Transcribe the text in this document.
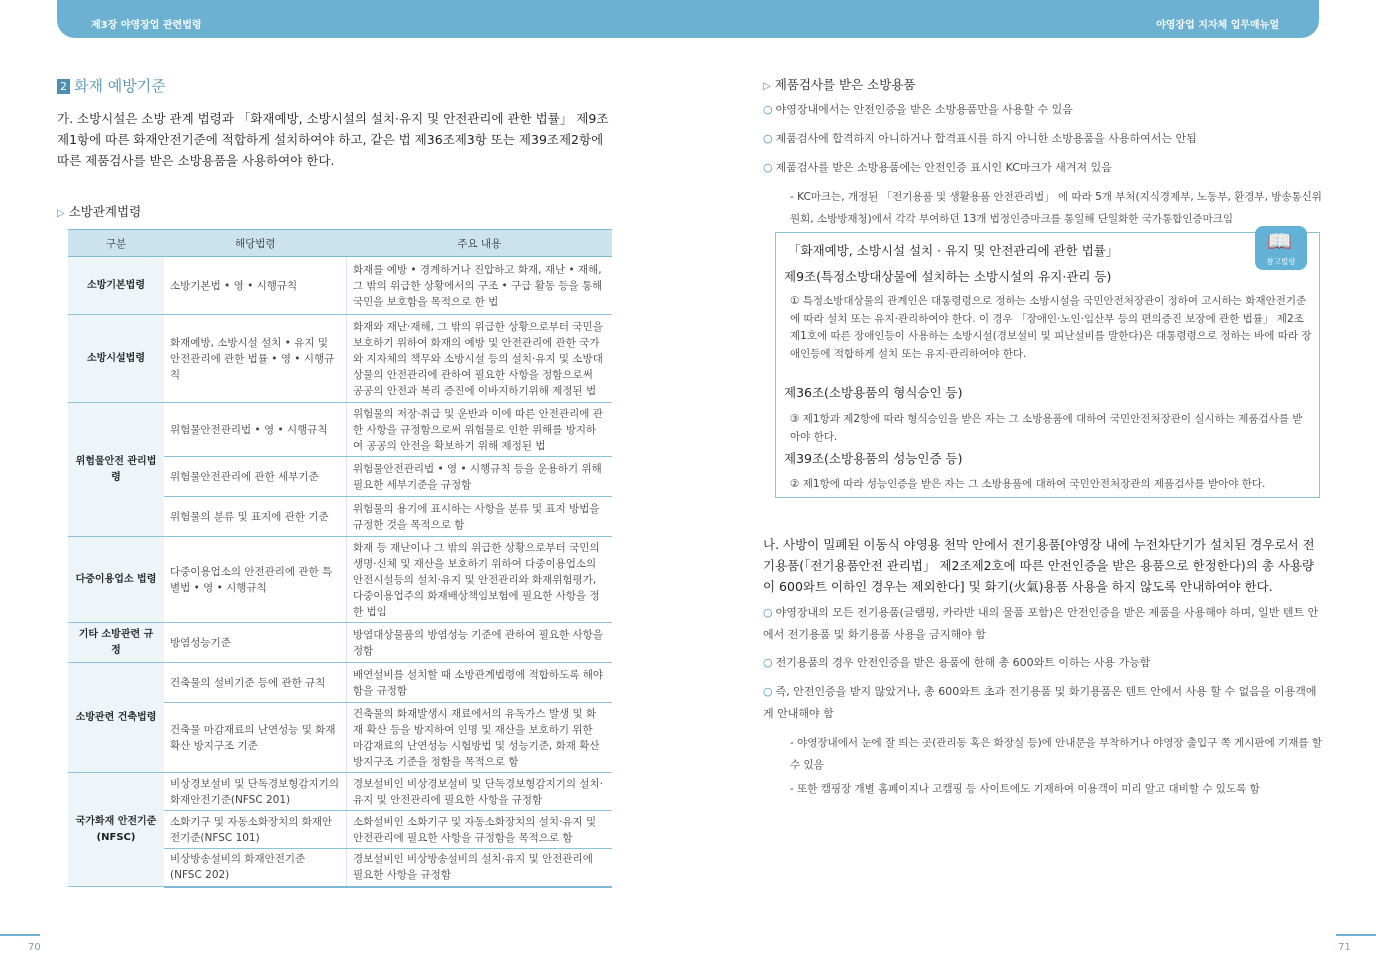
제3장 야영장업 관련법령	야영장업 지자체 업무매뉴얼
2 화재 예방기준
가. 소방시설은 소방 관계 법령과 「화재예방, 소방시설의 설치·유지 및 안전관리에 관한 법률」 제9조제1항에 따른 화재안전기준에 적합하게 설치하여야 하고, 같은 법 제36조제3항 또는 제39조제2항에 따른 제품검사를 받은 소방용품을 사용하여야 한다.
▷ 소방관계법령
구분	해당법령	주요 내용
소방기본법령	소방기본법 • 영 • 시행규칙	화재를 예방 • 경계하거나 진압하고 화재, 재난 • 재해, 그 밖의 위급한 상황에서의 구조 • 구급 활동 등을 통해 국민을 보호함을 목적으로 한 법
소방시설법령	화재예방, 소방시설 설치 • 유지 및 안전관리에 관한 법률 • 영 • 시행규칙	화재와 재난·재해, 그 밖의 위급한 상황으로부터 국민을 보호하기 위하여 화재의 예방 및 안전관리에 관한 국가와 지자체의 책무와 소방시설 등의 설치·유지 및 소방대상물의 안전관리에 관하여 필요한 사항을 정함으로써 공공의 안전과 복리 증진에 이바지하기위해 제정된 법
위험물안전 관리법령	위험물안전관리법 • 영 • 시행규칙	위험물의 저장·취급 및 운반과 이에 따른 안전관리에 관한 사항을 규정함으로써 위험물로 인한 위해를 방지하여 공공의 안전을 확보하기 위해 제정된 법
	위험물안전관리에 관한 세부기준	위험물안전관리법 • 영 • 시행규칙 등을 운용하기 위해 필요한 세부기준을 규정함
	위험물의 분류 및 표지에 관한 기준	위험물의 용기에 표시하는 사항을 분류 및 표지 방법을 규정한 것을 목적으로 함
다중이용업소 법령	다중이용업소의 안전관리에 관한 특별법 • 영 • 시행규칙	화재 등 재난이나 그 밖의 위급한 상황으로부터 국민의 생명·신체 및 재산을 보호하기 위하여 다중이용업소의 안전시설등의 설치·유지 및 안전관리와 화재위험평가, 다중이용업주의 화재배상책임보험에 필요한 사항을 정한 법임
기타 소방관련 규정	방염성능기준	방염대상물품의 방염성능 기준에 관하여 필요한 사항을 정함
소방관련 건축법령	건축물의 설비기준 등에 관한 규칙	배연설비를 설치할 때 소방관계법령에 적합하도록 해야 함을 규정함
	건축물 마감재료의 난연성능 및 화재 확산 방지구조 기준	건축물의 화재발생시 재료에서의 유독가스 발생 및 화재 확산 등을 방지하여 인명 및 재산을 보호하기 위한 마감재료의 난연성능 시험방법 및 성능기준, 화재 확산 방지구조 기준을 정함을 목적으로 함
국가화재 안전기준 (NFSC)	비상경보설비 및 단독경보형감지기의 화재안전기준(NFSC 201)	경보설비인 비상경보설비 및 단독경보형감지기의 설치·유지 및 안전관리에 필요한 사항을 규정함
	소화기구 및 자동소화장치의 화재안전기준(NFSC 101)	소화설비인 소화기구 및 자동소화장치의 설치·유지 및 안전관리에 필요한 사항을 규정함을 목적으로 함
	비상방송설비의 화재안전기준 (NFSC 202)	경보설비인 비상방송설비의 설치·유지 및 안전관리에 필요한 사항을 규정함
▷ 제품검사를 받은 소방용품
○ 야영장내에서는 안전인증을 받은 소방용품만을 사용할 수 있음
○ 제품검사에 합격하지 아니하거나 합격표시를 하지 아니한 소방용품을 사용하여서는 안됨
○ 제품검사를 받은 소방용품에는 안전인증 표시인 KC마크가 새겨져 있음
- KC마크는, 개정된 「전기용품 및 생활용품 안전관리법」 에 따라 5개 부처(지식경제부, 노동부, 환경부, 방송통신위원회, 소방방재청)에서 각각 부여하던 13개 법정인증마크를 통일해 단일화한 국가통합인증마크임
「화재예방, 소방시설 설치 · 유지 및 안전관리에 관한 법률」
제9조(특정소방대상물에 설치하는 소방시설의 유지·관리 등)
① 특정소방대상물의 관계인은 대통령령으로 정하는 소방시설을 국민안전처장관이 정하여 고시하는 화재안전기준에 따라 설치 또는 유지·관리하여야 한다. 이 경우 「장애인·노인·임산부 등의 편의증진 보장에 관한 법률」 제2조제1호에 따른 장애인등이 사용하는 소방시설(경보설비 및 피난설비를 말한다)은 대통령령으로 정하는 바에 따라 장애인등에 적합하게 설치 또는 유지·관리하여야 한다.
제36조(소방용품의 형식승인 등)
③ 제1항과 제2항에 따라 형식승인을 받은 자는 그 소방용품에 대하여 국민안전처장관이 실시하는 제품검사를 받아야 한다.
제39조(소방용품의 성능인증 등)
② 제1항에 따라 성능인증을 받은 자는 그 소방용품에 대하여 국민안전처장관의 제품검사를 받아야 한다.
📖
참고법령
나. 사방이 밀폐된 이동식 야영용 천막 안에서 전기용품[야영장 내에 누전차단기가 설치된 경우로서 전기용품(「전기용품안전 관리법」 제2조제2호에 따른 안전인증을 받은 용품으로 한정한다)의 총 사용량이 600와트 이하인 경우는 제외한다] 및 화기(火氣)용품 사용을 하지 않도록 안내하여야 한다.
○ 야영장내의 모든 전기용품(글램핑, 카라반 내의 물품 포함)은 안전인증을 받은 제품을 사용해야 하며, 일반 텐트 안에서 전기용품 및 화기용품 사용을 금지해야 함
○ 전기용품의 경우 안전인증을 받은 용품에 한해 총 600와트 이하는 사용 가능함
○ 즉, 안전인증을 받지 않았거나, 총 600와트 초과 전기용품 및 화기용품은 텐트 안에서 사용 할 수 없음을 이용객에게 안내해야 함
- 야영장내에서 눈에 잘 띄는 곳(관리동 혹은 화장실 등)에 안내문을 부착하거나 야영장 출입구 쪽 게시판에 기재를 할 수 있음
- 또한 캠핑장 개별 홈페이지나 고캠핑 등 사이트에도 기재하여 이용객이 미리 알고 대비할 수 있도록 함
70	71
